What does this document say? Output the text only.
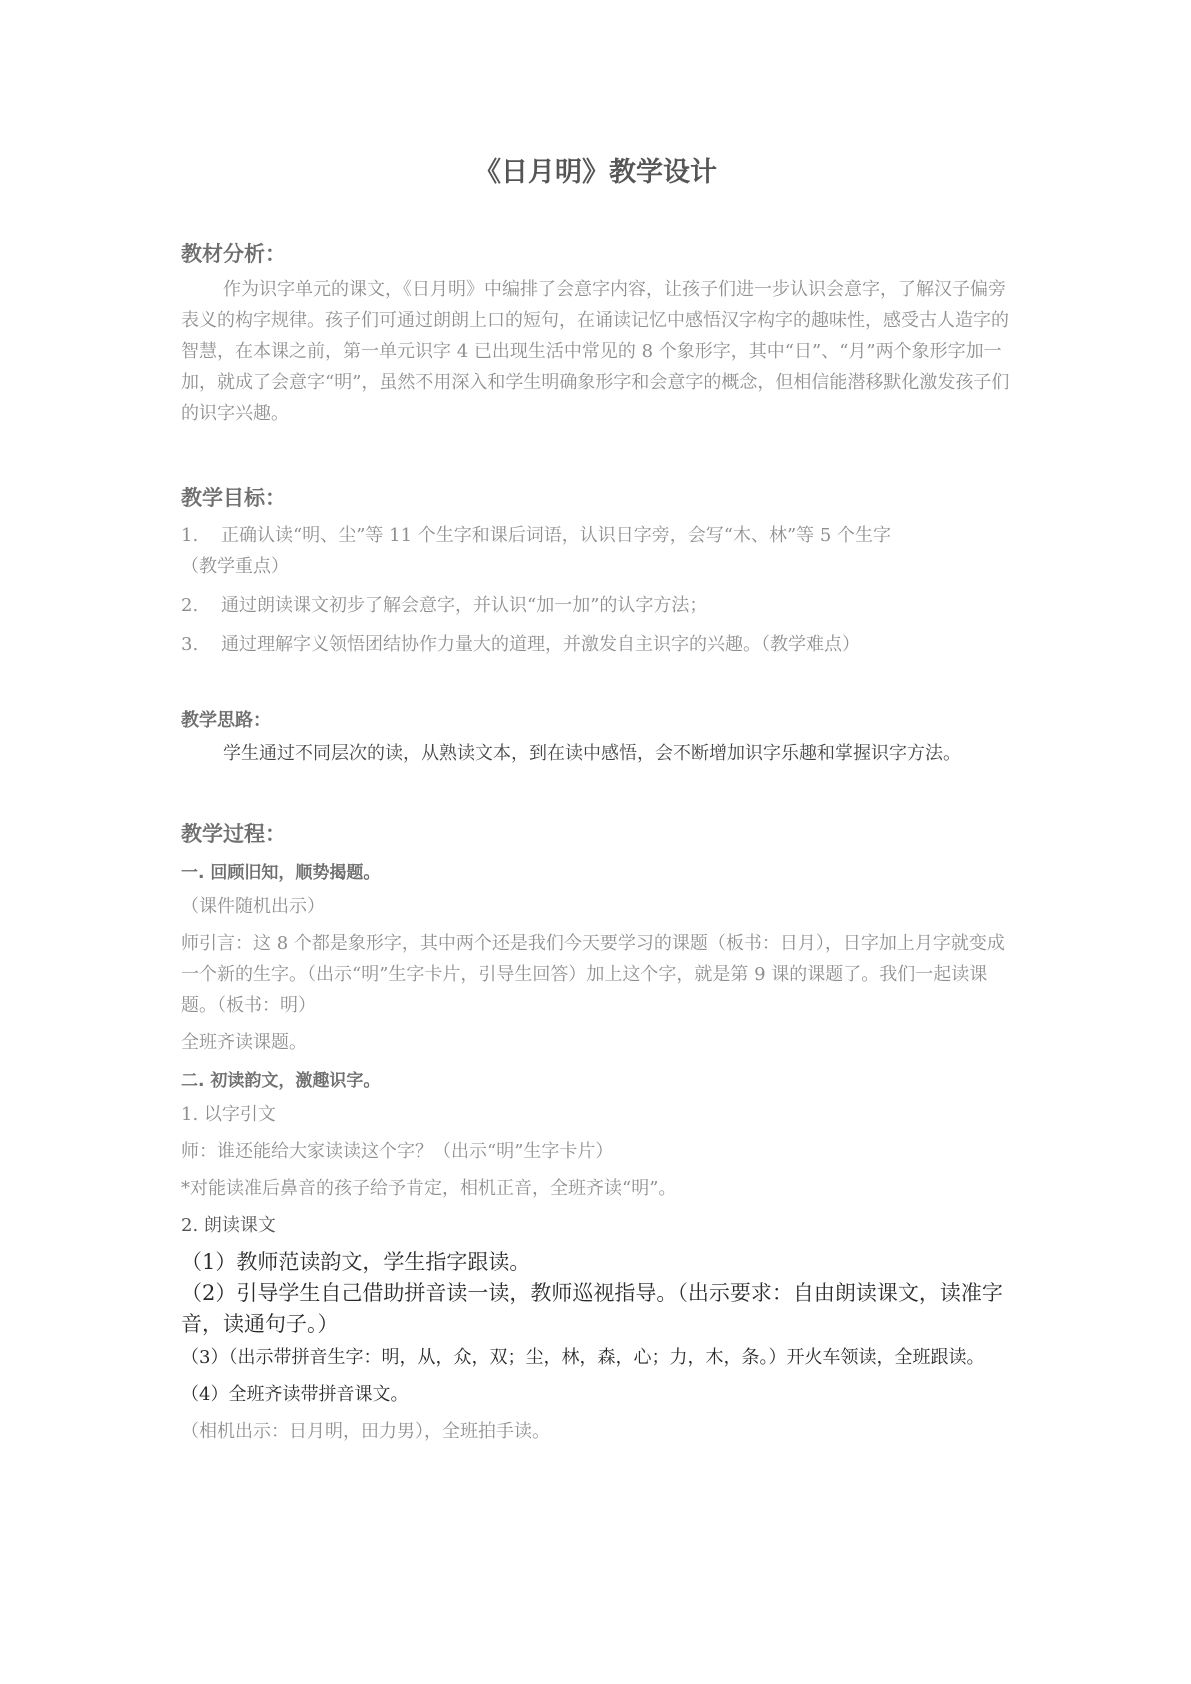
《日月明》教学设计
教材分析：
作为识字单元的课文，《日月明》中编排了会意字内容，让孩子们进一步认识会意字，了解汉子偏旁表义的构字规律。孩子们可通过朗朗上口的短句，在诵读记忆中感悟汉字构字的趣味性，感受古人造字的智慧，在本课之前，第一单元识字 4 已出现生活中常见的 8 个象形字，其中“日”、“月”两个象形字加一加，就成了会意字“明”，虽然不用深入和学生明确象形字和会意字的概念，但相信能潜移默化激发孩子们的识字兴趣。
教学目标：
1.	正确认读“明、尘”等 11 个生字和课后词语，认识日字旁，会写“木、林”等 5 个生字
（教学重点）
2.	通过朗读课文初步了解会意字，并认识“加一加”的认字方法；
3.	通过理解字义领悟团结协作力量大的道理，并激发自主识字的兴趣。（教学难点）
教学思路：
学生通过不同层次的读，从熟读文本，到在读中感悟，会不断增加识字乐趣和掌握识字方法。
教学过程：
一. 回顾旧知，顺势揭题。
（课件随机出示）
师引言：这 8 个都是象形字，其中两个还是我们今天要学习的课题（板书：日月），日字加上月字就变成一个新的生字。（出示“明”生字卡片，引导生回答）加上这个字，就是第 9 课的课题了。我们一起读课题。（板书：明）
全班齐读课题。
二. 初读韵文，激趣识字。
1. 以字引文
师：谁还能给大家读读这个字？（出示“明”生字卡片）
*对能读准后鼻音的孩子给予肯定，相机正音，全班齐读“明”。
2. 朗读课文
（1）教师范读韵文，学生指字跟读。
（2）引导学生自己借助拼音读一读，教师巡视指导。（出示要求：自由朗读课文，读准字音，读通句子。）
（3）（出示带拼音生字：明，从，众，双；尘，林，森，心；力，木，条。）开火车领读，全班跟读。
（4）全班齐读带拼音课文。
（相机出示：日月明，田力男），全班拍手读。
